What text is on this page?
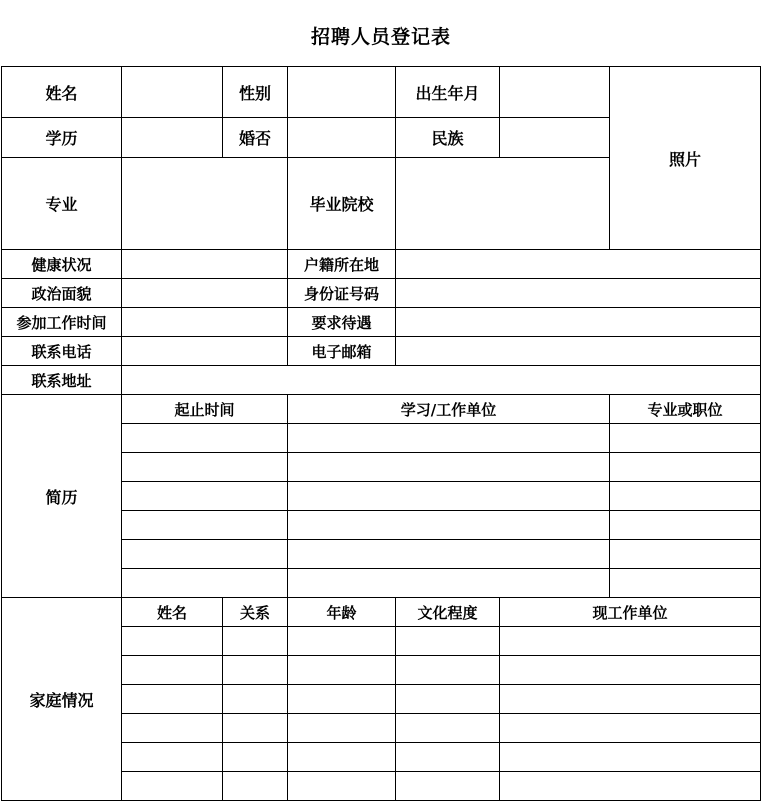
招聘人员登记表
姓名		性别		出生年月		照片
学历		婚否		民族		
专业			毕业院校			
健康状况			户籍所在地			
政治面貌			身份证号码			
参加工作时间			要求待遇			
联系电话			电子邮箱			
联系地址						
简历	起止时间		学习/工作单位			专业或职位

家庭情况	姓名	关系	年龄	文化程度	现工作单位	
